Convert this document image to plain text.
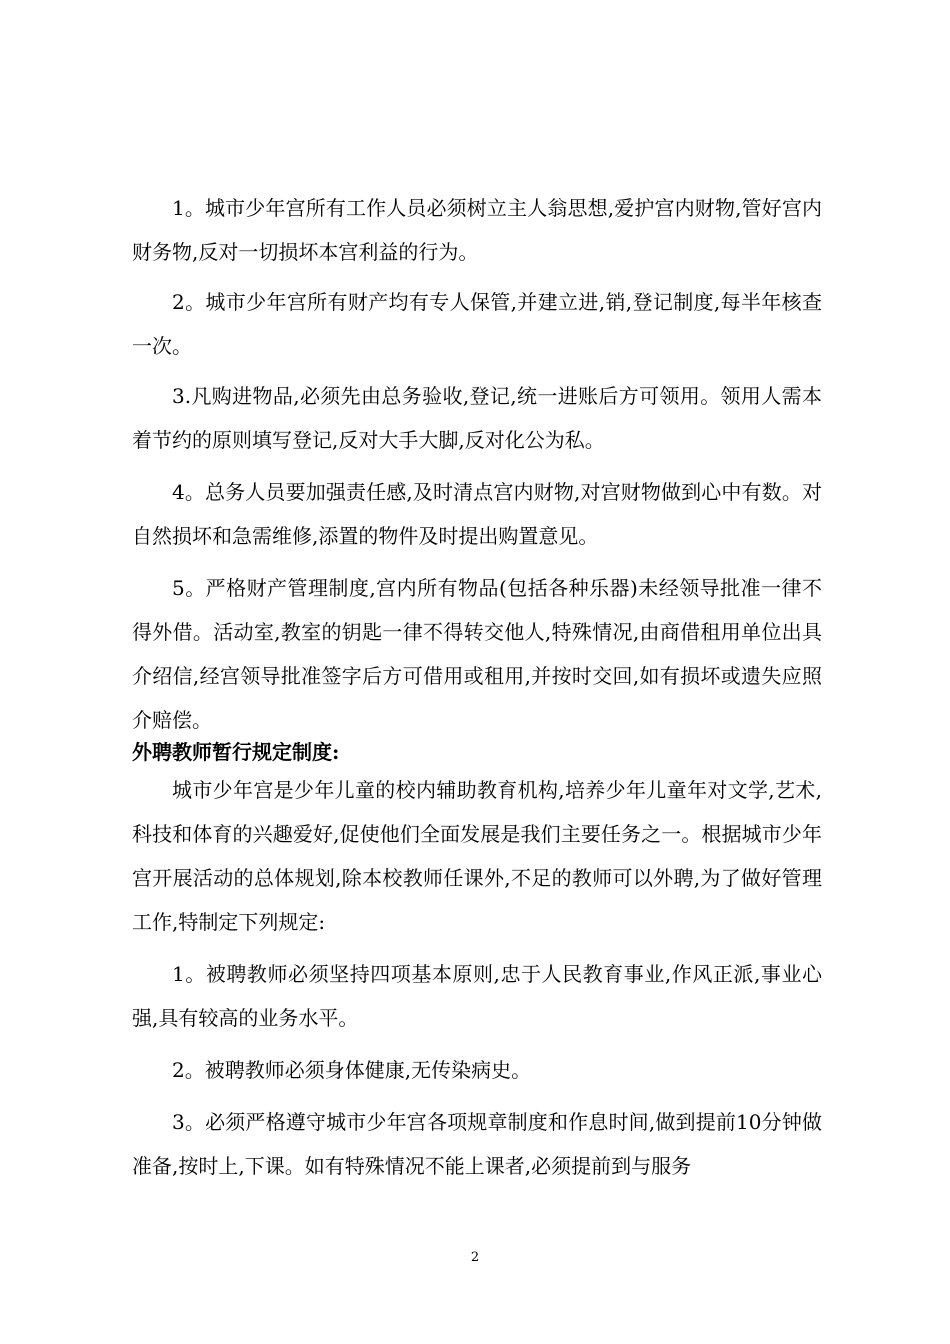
1。城市少年宫所有工作人员必须树立主人翁思想,爱护宫内财物,管好宫内财务物,反对一切损坏本宫利益的行为。

2。城市少年宫所有财产均有专人保管,并建立进,销,登记制度,每半年核查一次。

3.凡购进物品,必须先由总务验收,登记,统一进账后方可领用。领用人需本着节约的原则填写登记,反对大手大脚,反对化公为私。

4。总务人员要加强责任感,及时清点宫内财物,对宫财物做到心中有数。对自然损坏和急需维修,添置的物件及时提出购置意见。

5。严格财产管理制度,宫内所有物品(包括各种乐器)未经领导批准一律不得外借。活动室,教室的钥匙一律不得转交他人,特殊情况,由商借租用单位出具介绍信,经宫领导批准签字后方可借用或租用,并按时交回,如有损坏或遗失应照介赔偿。

外聘教师暂行规定制度:

城市少年宫是少年儿童的校内辅助教育机构,培养少年儿童年对文学,艺术,科技和体育的兴趣爱好,促使他们全面发展是我们主要任务之一。根据城市少年宫开展活动的总体规划,除本校教师任课外,不足的教师可以外聘,为了做好管理工作,特制定下列规定:

1。被聘教师必须坚持四项基本原则,忠于人民教育事业,作风正派,事业心强,具有较高的业务水平。

2。被聘教师必须身体健康,无传染病史。

3。必须严格遵守城市少年宫各项规章制度和作息时间,做到提前10分钟做准备,按时上,下课。如有特殊情况不能上课者,必须提前到与服务

2
